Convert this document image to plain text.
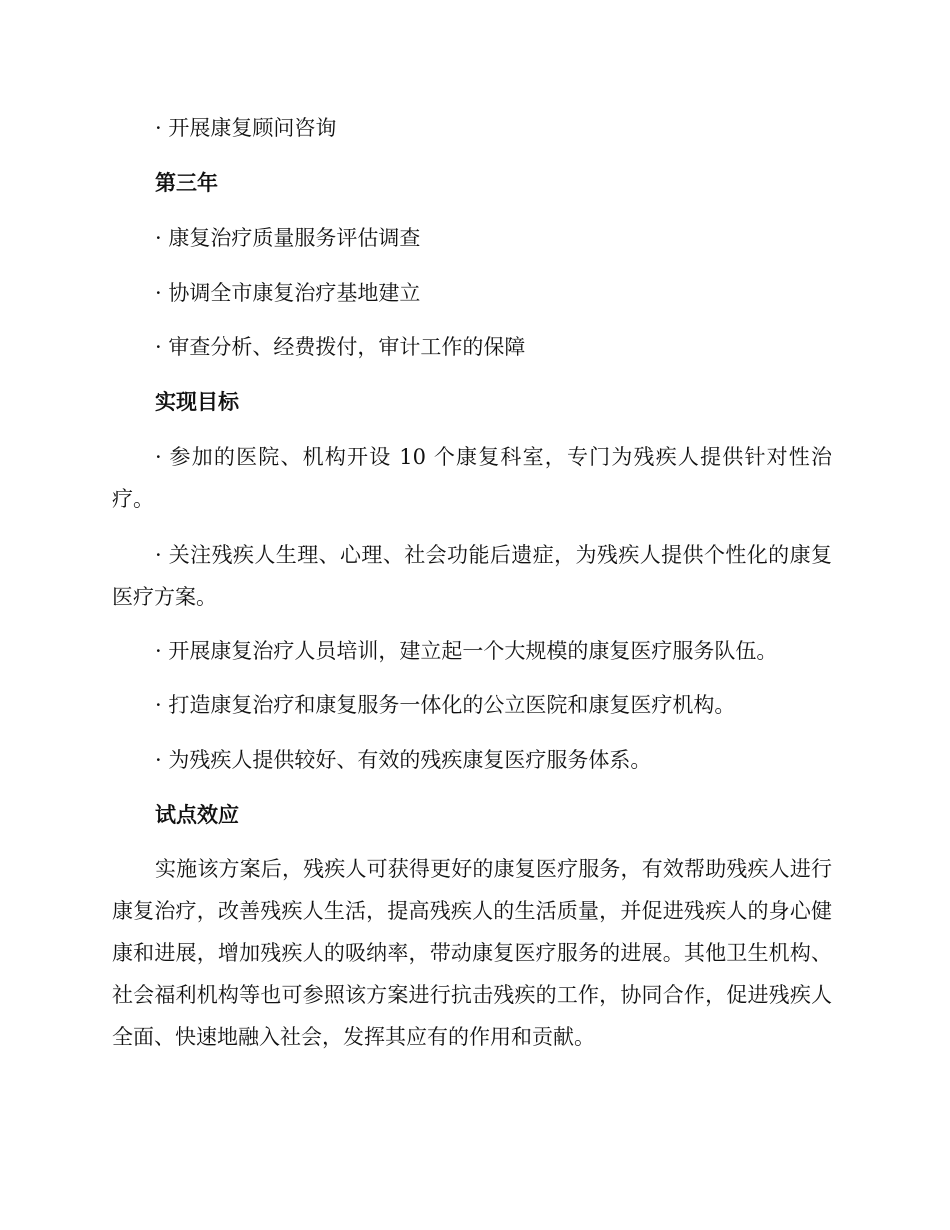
· 开展康复顾问咨询
第三年
· 康复治疗质量服务评估调查
· 协调全市康复治疗基地建立
· 审查分析、经费拨付，审计工作的保障
实现目标
· 参加的医院、机构开设 10 个康复科室，专门为残疾人提供针对性治疗。
· 关注残疾人生理、心理、社会功能后遗症，为残疾人提供个性化的康复医疗方案。
· 开展康复治疗人员培训，建立起一个大规模的康复医疗服务队伍。
· 打造康复治疗和康复服务一体化的公立医院和康复医疗机构。
· 为残疾人提供较好、有效的残疾康复医疗服务体系。
试点效应
实施该方案后，残疾人可获得更好的康复医疗服务，有效帮助残疾人进行康复治疗，改善残疾人生活，提高残疾人的生活质量，并促进残疾人的身心健康和进展，增加残疾人的吸纳率，带动康复医疗服务的进展。其他卫生机构、社会福利机构等也可参照该方案进行抗击残疾的工作，协同合作，促进残疾人全面、快速地融入社会，发挥其应有的作用和贡献。
